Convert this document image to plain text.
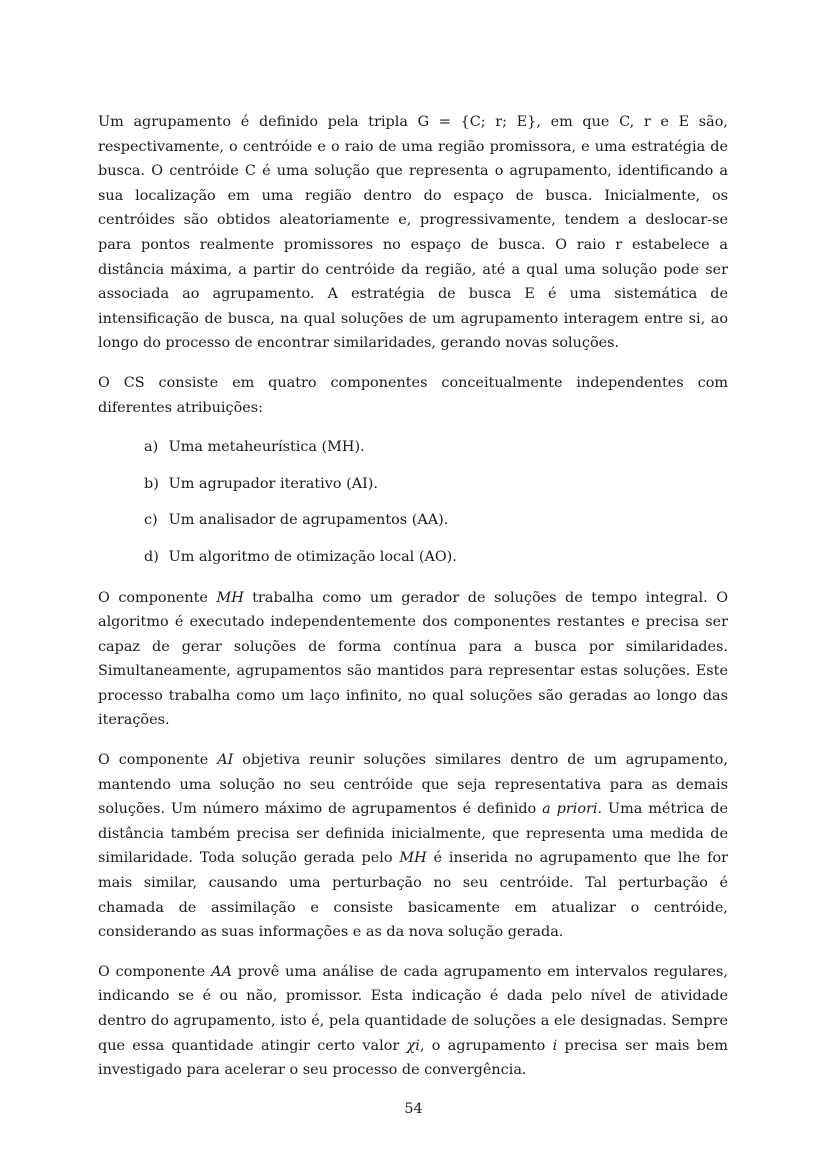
Um agrupamento é definido pela tripla G = {C; r; E}, em que C, r e E são, respectivamente, o centróide e o raio de uma região promissora, e uma estratégia de busca. O centróide C é uma solução que representa o agrupamento, identificando a sua localização em uma região dentro do espaço de busca. Inicialmente, os centróides são obtidos aleatoriamente e, progressivamente, tendem a deslocar-se para pontos realmente promissores no espaço de busca. O raio r estabelece a distância máxima, a partir do centróide da região, até a qual uma solução pode ser associada ao agrupamento. A estratégia de busca E é uma sistemática de intensificação de busca, na qual soluções de um agrupamento interagem entre si, ao longo do processo de encontrar similaridades, gerando novas soluções.

O CS consiste em quatro componentes conceitualmente independentes com diferentes atribuições:

a) Uma metaheurística (MH).
b) Um agrupador iterativo (AI).
c) Um analisador de agrupamentos (AA).
d) Um algoritmo de otimização local (AO).

O componente MH trabalha como um gerador de soluções de tempo integral. O algoritmo é executado independentemente dos componentes restantes e precisa ser capaz de gerar soluções de forma contínua para a busca por similaridades. Simultaneamente, agrupamentos são mantidos para representar estas soluções. Este processo trabalha como um laço infinito, no qual soluções são geradas ao longo das iterações.

O componente AI objetiva reunir soluções similares dentro de um agrupamento, mantendo uma solução no seu centróide que seja representativa para as demais soluções. Um número máximo de agrupamentos é definido a priori. Uma métrica de distância também precisa ser definida inicialmente, que representa uma medida de similaridade. Toda solução gerada pelo MH é inserida no agrupamento que lhe for mais similar, causando uma perturbação no seu centróide. Tal perturbação é chamada de assimilação e consiste basicamente em atualizar o centróide, considerando as suas informações e as da nova solução gerada.

O componente AA provê uma análise de cada agrupamento em intervalos regulares, indicando se é ou não, promissor. Esta indicação é dada pelo nível de atividade dentro do agrupamento, isto é, pela quantidade de soluções a ele designadas. Sempre que essa quantidade atingir certo valor χi, o agrupamento i precisa ser mais bem investigado para acelerar o seu processo de convergência.

54
